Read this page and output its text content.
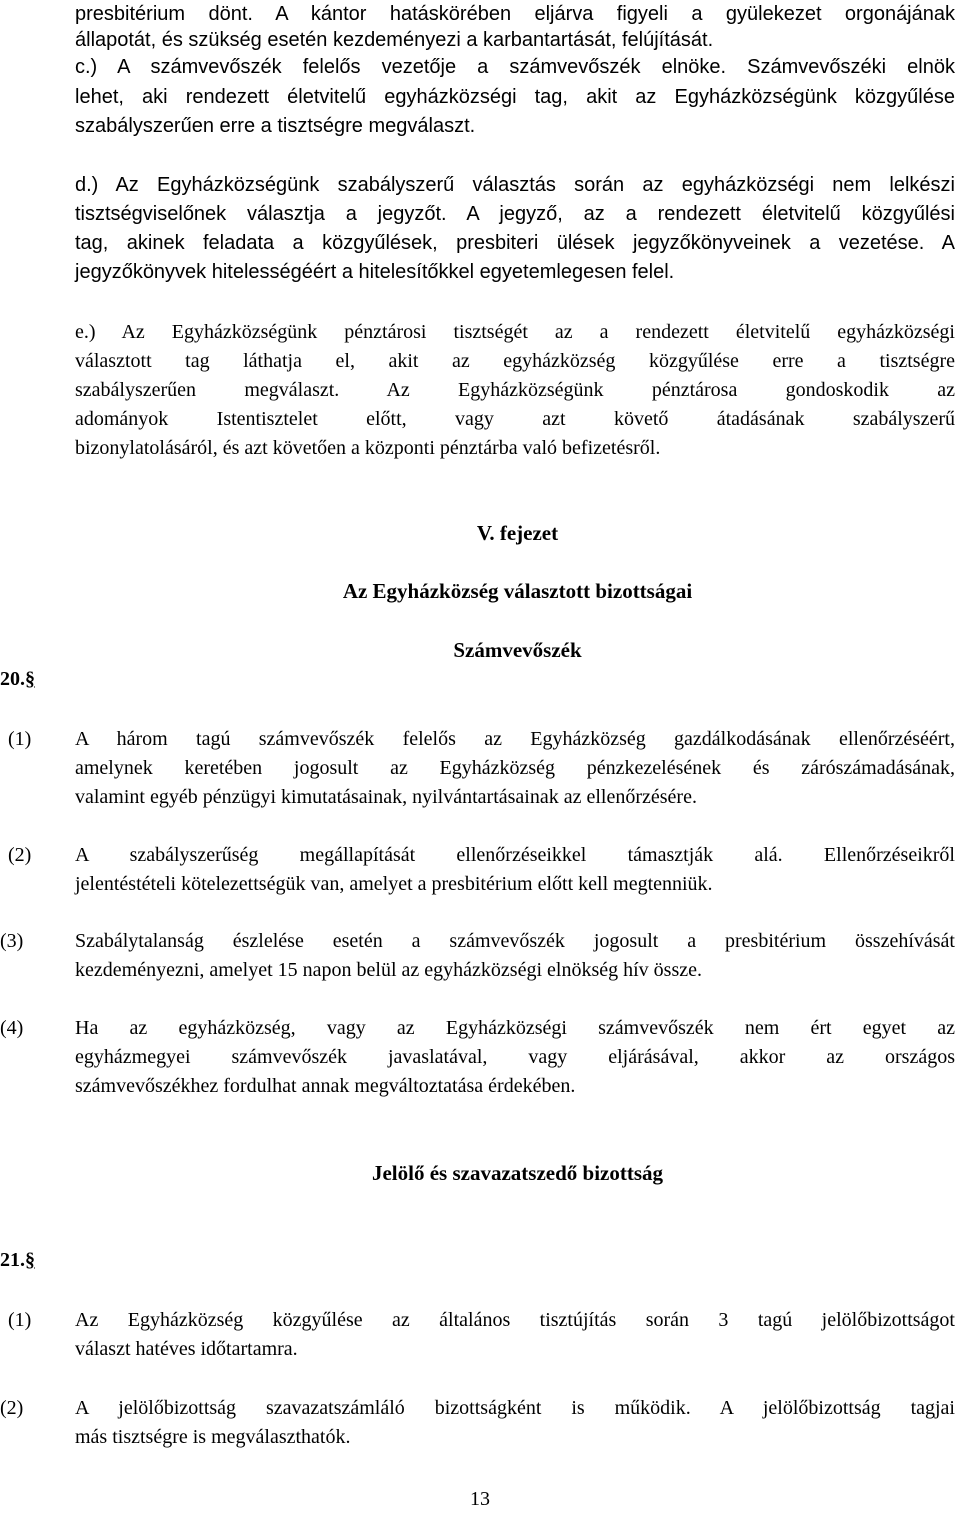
presbitérium dönt. A kántor hatáskörében eljárva figyeli a gyülekezet orgonájának
állapotát, és szükség esetén kezdeményezi a karbantartását, felújítását.
c.) A számvevőszék felelős vezetője a számvevőszék elnöke. Számvevőszéki elnök
lehet, aki rendezett életvitelű egyházközségi tag, akit az Egyházközségünk közgyűlése
szabályszerűen erre a tisztségre megválaszt.
d.) Az Egyházközségünk szabályszerű választás során az egyházközségi nem lelkészi
tisztségviselőnek választja a jegyzőt. A jegyző, az a rendezett életvitelű közgyűlési
tag, akinek feladata a közgyűlések, presbiteri ülések jegyzőkönyveinek a vezetése. A
jegyzőkönyvek hitelességéért a hitelesítőkkel egyetemlegesen felel.
e.) Az Egyházközségünk pénztárosi tisztségét az a rendezett életvitelű egyházközségi
választott tag láthatja el, akit az egyházközség közgyűlése erre a tisztségre
szabályszerűen megválaszt. Az Egyházközségünk pénztárosa gondoskodik az
adományok Istentisztelet előtt, vagy azt követő átadásának szabályszerű
bizonylatolásáról, és azt követően a központi pénztárba való befizetésről.
V. fejezet
Az Egyházközség választott bizottságai
Számvevőszék
20.§
(1) A három tagú számvevőszék felelős az Egyházközség gazdálkodásának ellenőrzéséért,
amelynek keretében jogosult az Egyházközség pénzkezelésének és zárószámadásának,
valamint egyéb pénzügyi kimutatásainak, nyilvántartásainak az ellenőrzésére.
(2) A szabályszerűség megállapítását ellenőrzéseikkel támasztják alá. Ellenőrzéseikről
jelentéstételi kötelezettségük van, amelyet a presbitérium előtt kell megtenniük.
(3)	Szabálytalanság észlelése esetén a számvevőszék jogosult a presbitérium összehívását
kezdeményezni, amelyet 15 napon belül az egyházközségi elnökség hív össze.
(4)	Ha az egyházközség, vagy az Egyházközségi számvevőszék nem ért egyet az
egyházmegyei számvevőszék javaslatával, vagy eljárásával, akkor az országos
számvevőszékhez fordulhat annak megváltoztatása érdekében.
Jelölő és szavazatszedő bizottság
21.§
(1) Az Egyházközség közgyűlése az általános tisztújítás során 3 tagú jelölőbizottságot
választ hatéves időtartamra.
(2)	A jelölőbizottság szavazatszámláló bizottságként is működik. A jelölőbizottság tagjai
más tisztségre is megválaszthatók.
13
